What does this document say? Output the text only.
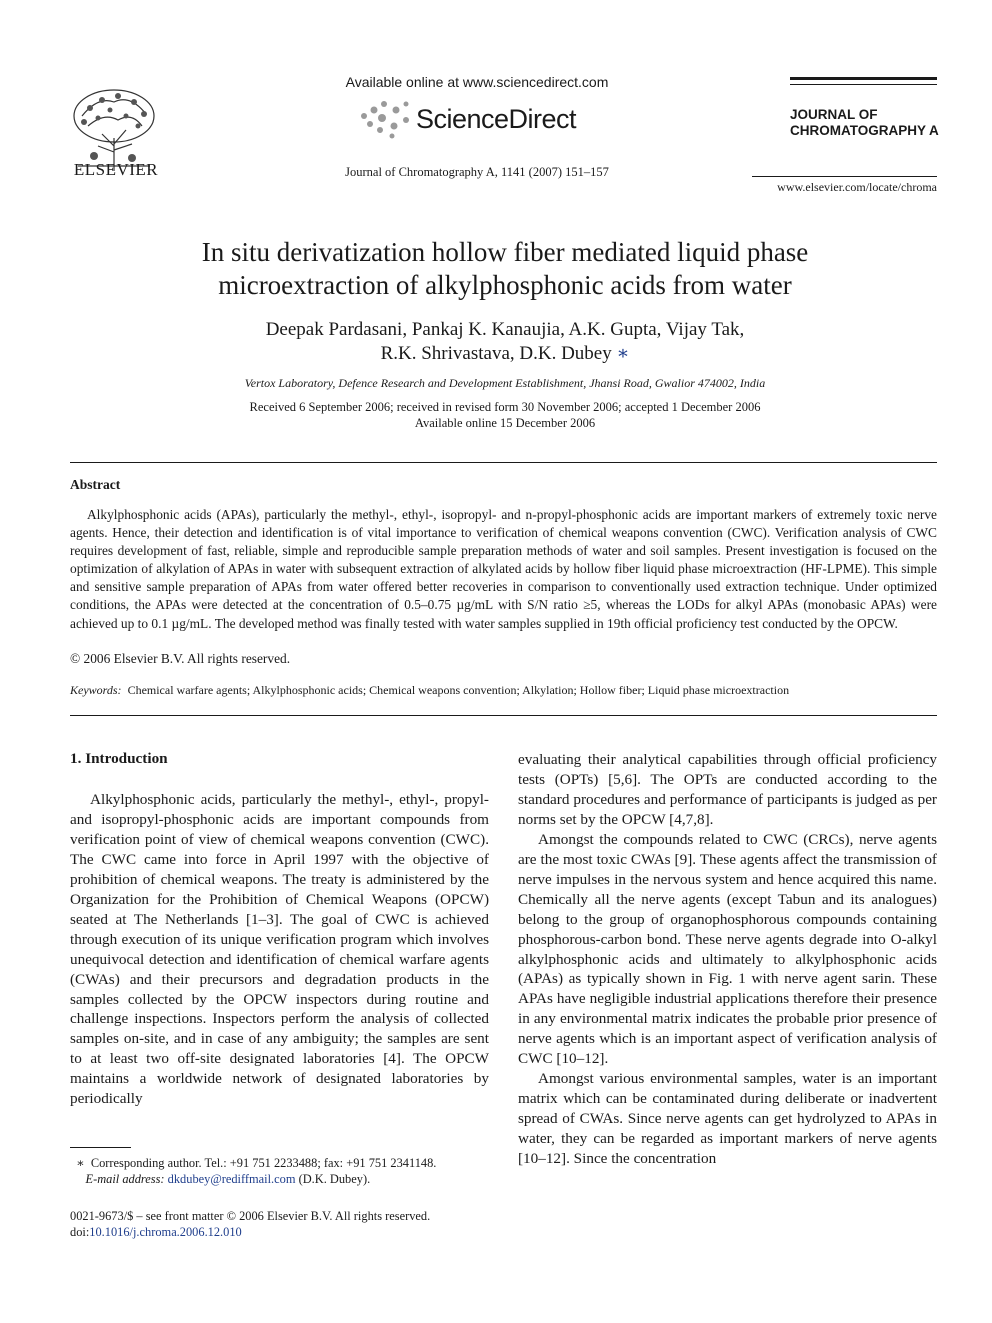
ELSEVIER
Available online at www.sciencedirect.com
ScienceDirect
Journal of Chromatography A, 1141 (2007) 151–157
JOURNAL OF
CHROMATOGRAPHY A
www.elsevier.com/locate/chroma
In situ derivatization hollow fiber mediated liquid phase
microextraction of alkylphosphonic acids from water
Deepak Pardasani, Pankaj K. Kanaujia, A.K. Gupta, Vijay Tak,
R.K. Shrivastava, D.K. Dubey ∗
Vertox Laboratory, Defence Research and Development Establishment, Jhansi Road, Gwalior 474002, India
Received 6 September 2006; received in revised form 30 November 2006; accepted 1 December 2006
Available online 15 December 2006
Abstract
Alkylphosphonic acids (APAs), particularly the methyl-, ethyl-, isopropyl- and n-propyl-phosphonic acids are important markers of extremely toxic nerve agents. Hence, their detection and identification is of vital importance to verification of chemical weapons convention (CWC). Verification analysis of CWC requires development of fast, reliable, simple and reproducible sample preparation methods of water and soil samples. Present investigation is focused on the optimization of alkylation of APAs in water with subsequent extraction of alkylated acids by hollow fiber liquid phase microextraction (HF-LPME). This simple and sensitive sample preparation of APAs from water offered better recoveries in comparison to conventionally used extraction technique. Under optimized conditions, the APAs were detected at the concentration of 0.5–0.75 µg/mL with S/N ratio ≥5, whereas the LODs for alkyl APAs (monobasic APAs) were achieved up to 0.1 µg/mL. The developed method was finally tested with water samples supplied in 19th official proficiency test conducted by the OPCW.
© 2006 Elsevier B.V. All rights reserved.
Keywords: Chemical warfare agents; Alkylphosphonic acids; Chemical weapons convention; Alkylation; Hollow fiber; Liquid phase microextraction
1. Introduction

Alkylphosphonic acids, particularly the methyl-, ethyl-, propyl- and isopropyl-phosphonic acids are important compounds from verification point of view of chemical weapons convention (CWC). The CWC came into force in April 1997 with the objective of prohibition of chemical weapons. The treaty is administered by the Organization for the Prohibition of Chemical Weapons (OPCW) seated at The Netherlands [1–3]. The goal of CWC is achieved through execution of its unique verification program which involves unequivocal detection and identification of chemical warfare agents (CWAs) and their precursors and degradation products in the samples collected by the OPCW inspectors during routine and challenge inspections. Inspectors perform the analysis of collected samples on-site, and in case of any ambiguity; the samples are sent to at least two off-site designated laboratories [4]. The OPCW maintains a worldwide network of designated laboratories by periodically

evaluating their analytical capabilities through official proficiency tests (OPTs) [5,6]. The OPTs are conducted according to the standard procedures and performance of participants is judged as per norms set by the OPCW [4,7,8].

Amongst the compounds related to CWC (CRCs), nerve agents are the most toxic CWAs [9]. These agents affect the transmission of nerve impulses in the nervous system and hence acquired this name. Chemically all the nerve agents (except Tabun and its analogues) belong to the group of organophosphorous compounds containing phosphorous-carbon bond. These nerve agents degrade into O-alkyl alkylphosphonic acids and ultimately to alkylphosphonic acids (APAs) as typically shown in Fig. 1 with nerve agent sarin. These APAs have negligible industrial applications therefore their presence in any environmental matrix indicates the probable prior presence of nerve agents which is an important aspect of verification analysis of CWC [10–12].

Amongst various environmental samples, water is an important matrix which can be contaminated during deliberate or inadvertent spread of CWAs. Since nerve agents can get hydrolyzed to APAs in water, they can be regarded as important markers of nerve agents [10–12]. Since the concentration

∗ Corresponding author. Tel.: +91 751 2233488; fax: +91 751 2341148.
E-mail address: dkdubey@rediffmail.com (D.K. Dubey).
0021-9673/$ – see front matter © 2006 Elsevier B.V. All rights reserved.
doi:10.1016/j.chroma.2006.12.010
